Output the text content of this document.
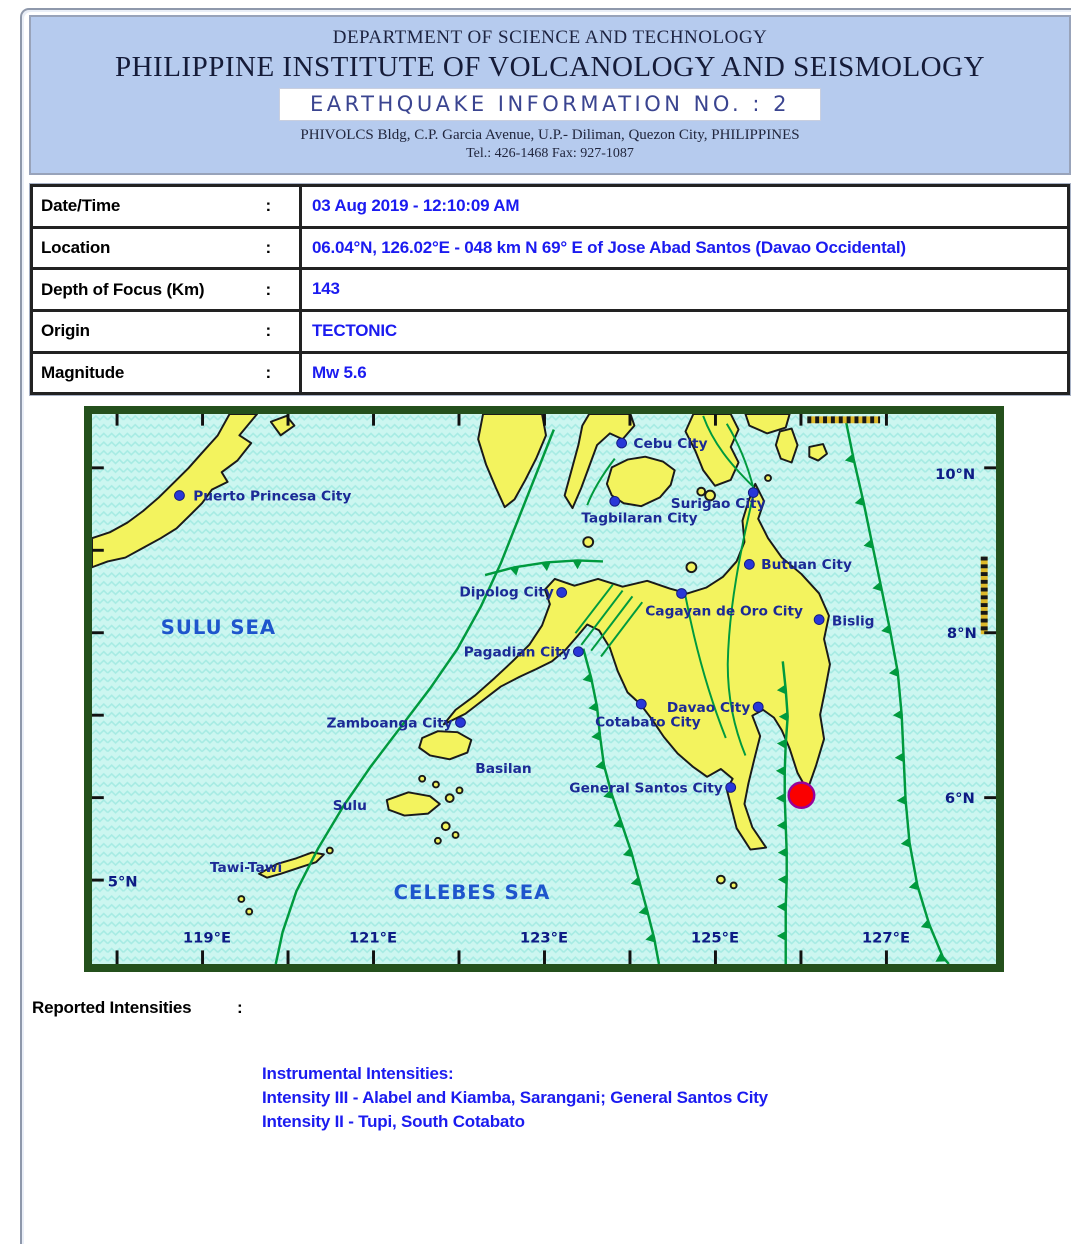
DEPARTMENT OF SCIENCE AND TECHNOLOGY
PHILIPPINE INSTITUTE OF VOLCANOLOGY AND SEISMOLOGY
EARTHQUAKE INFORMATION NO. : 2
PHIVOLCS Bldg, C.P. Garcia Avenue, U.P.- Diliman, Quezon City, PHILIPPINES
Tel.: 426-1468 Fax: 927-1087
Date/Time :	03 Aug 2019 - 12:10:09 AM

Location :	06.04°N, 126.02°E - 048 km N 69° E of Jose Abad Santos (Davao Occidental)

Depth of Focus (Km) :	143

Origin :	TECTONIC

Magnitude :	Mw 5.6
SULU SEA
CELEBES SEA
10°N
8°N
6°N
5°N
119°E	121°E	123°E	125°E	127°E
Puerto Princesa City
Cebu City
Tagbilaran City
Surigao City
Butuan City
Cagayan de Oro City
Bislig
Dipolog City
Pagadian City
Zamboanga City	Cotabato City
Davao City
General Santos City
Basilan
Sulu
Tawi-Tawi
Reported Intensities	:
Instrumental Intensities:
Intensity III - Alabel and Kiamba, Sarangani; General Santos City
Intensity II - Tupi, South Cotabato
